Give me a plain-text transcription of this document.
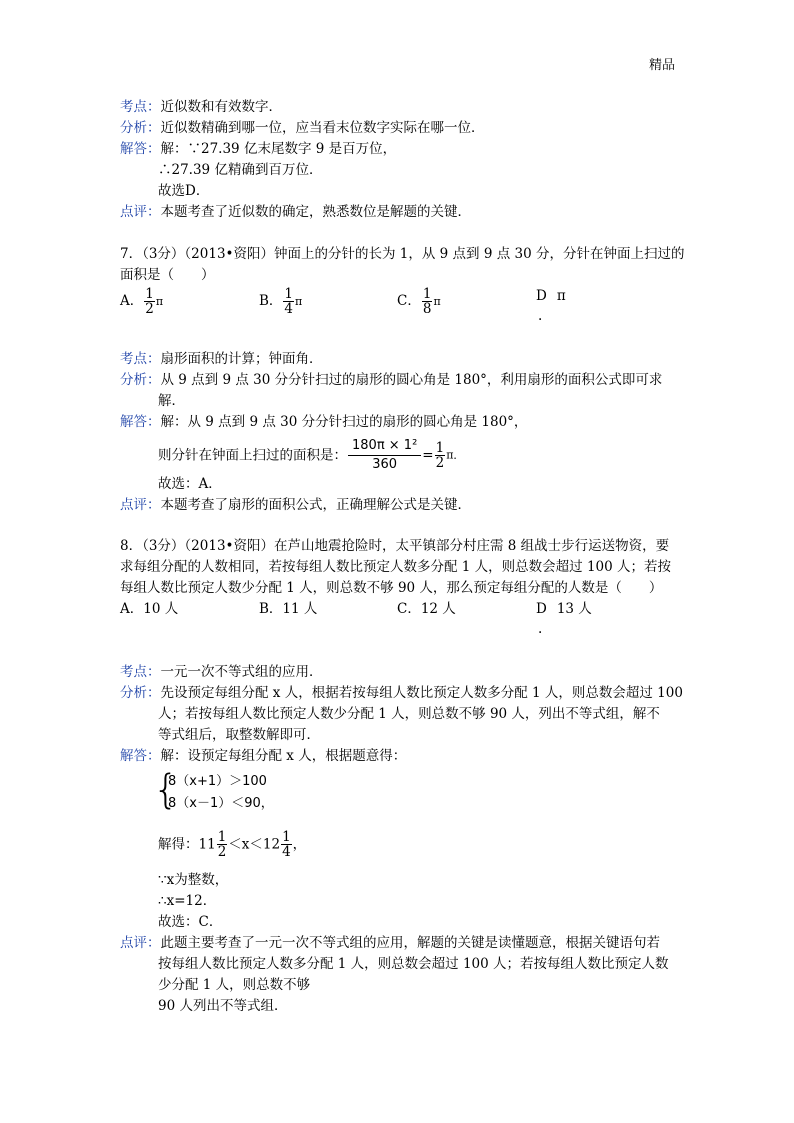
精品
考点：近似数和有效数字．
分析：近似数精确到哪一位，应当看末位数字实际在哪一位．
解答：解：∵27.39 亿末尾数字 9 是百万位，
∴27.39 亿精确到百万位．
故选D．
点评：本题考查了近似数的确定，熟悉数位是解题的关键．
7．（3分）（2013•资阳）钟面上的分针的长为 1，从 9 点到 9 点 30 分，分针在钟面上扫过的
面积是（　　）
A． $\frac{1}{2}$ π	B． $\frac{1}{4}$ π	C． $\frac{1}{8}$ π	D π
.
考点：扇形面积的计算；钟面角．
分析：从 9 点到 9 点 30 分分针扫过的扇形的圆心角是 180°，利用扇形的面积公式即可求
解．
解答：解：从 9 点到 9 点 30 分分针扫过的扇形的圆心角是 180°，
则分针在钟面上扫过的面积是： $\frac{\text{180π × 1²}}{360} = \frac{1}{2}$ π．
故选：A．
点评：本题考查了扇形的面积公式，正确理解公式是关键．
8．（3分）（2013•资阳）在芦山地震抢险时，太平镇部分村庄需 8 组战士步行运送物资，要
求每组分配的人数相同，若按每组人数比预定人数多分配 1 人，则总数会超过 100 人；若按
每组人数比预定人数少分配 1 人，则总数不够 90 人，那么预定每组分配的人数是（　　）
A．10 人	B．11 人	C．12 人	D 13 人
.
考点：一元一次不等式组的应用．
分析：先设预定每组分配 x 人，根据若按每组人数比预定人数多分配 1 人，则总数会超过 100
人；若按每组人数比预定人数少分配 1 人，则总数不够 90 人，列出不等式组，解不
等式组后，取整数解即可．
解答：解：设预定每组分配 x 人，根据题意得：
{
8（x+1）＞100
8（x－1）＜90，
解得：$11 \frac{1}{2} <x<12 \frac{1}{4}$ ，
∵x为整数，
∴x=12．
故选：C．
点评：此题主要考查了一元一次不等式组的应用，解题的关键是读懂题意，根据关键语句若
按每组人数比预定人数多分配 1 人，则总数会超过 100 人；若按每组人数比预定人数
少分配 1 人，则总数不够
90 人列出不等式组．
